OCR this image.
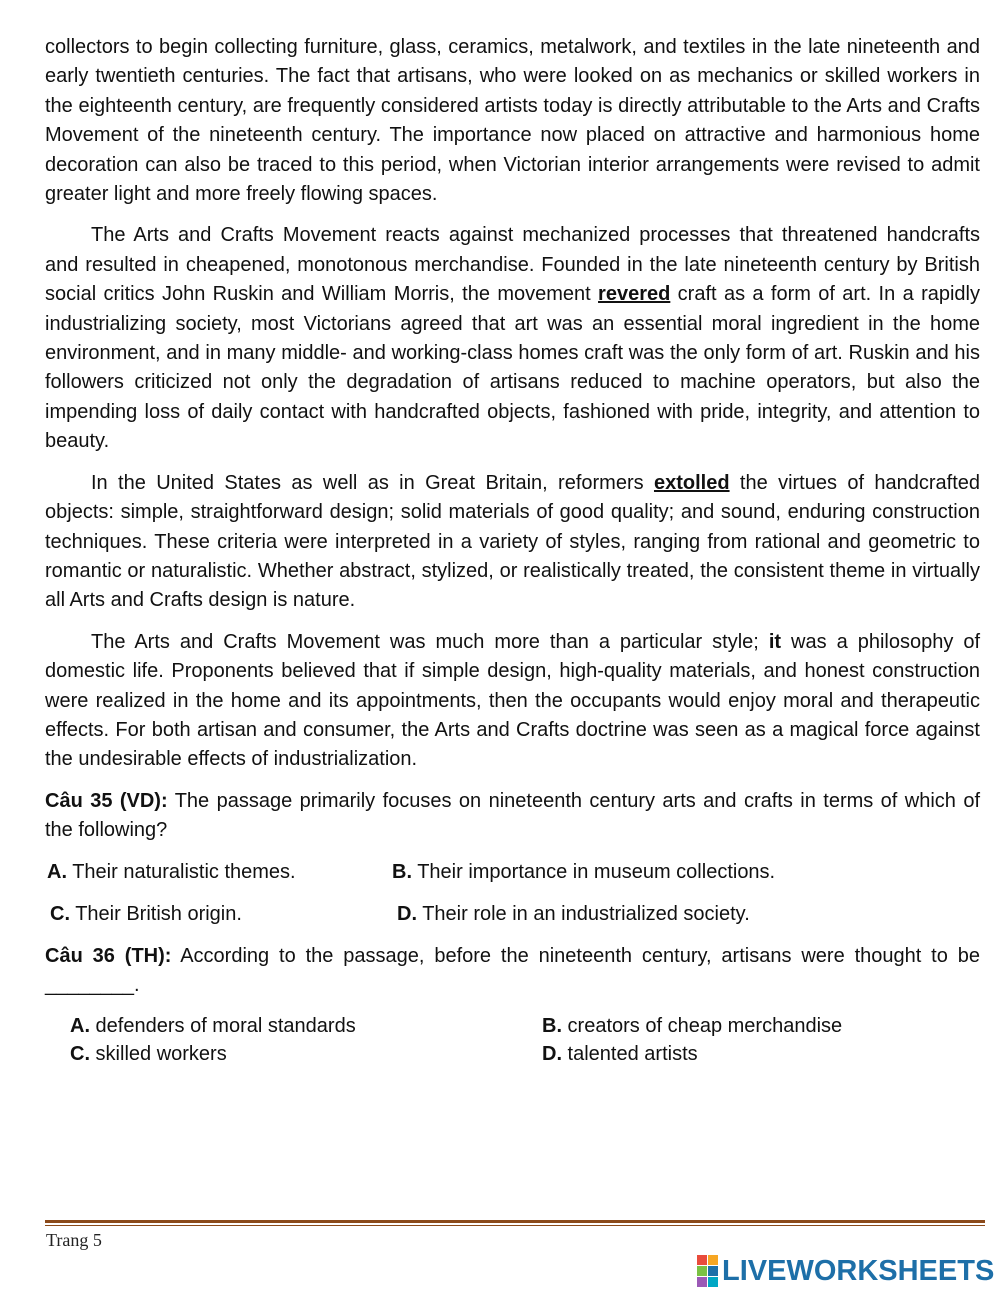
collectors to begin collecting furniture, glass, ceramics, metalwork, and textiles in the late nineteenth and early twentieth centuries. The fact that artisans, who were looked on as mechanics or skilled workers in the eighteenth century, are frequently considered artists today is directly attributable to the Arts and Crafts Movement of the nineteenth century. The importance now placed on attractive and harmonious home decoration can also be traced to this period, when Victorian interior arrangements were revised to admit greater light and more freely flowing spaces.

The Arts and Crafts Movement reacts against mechanized processes that threatened handcrafts and resulted in cheapened, monotonous merchandise. Founded in the late nineteenth century by British social critics John Ruskin and William Morris, the movement revered craft as a form of art. In a rapidly industrializing society, most Victorians agreed that art was an essential moral ingredient in the home environment, and in many middle- and working-class homes craft was the only form of art. Ruskin and his followers criticized not only the degradation of artisans reduced to machine operators, but also the impending loss of daily contact with handcrafted objects, fashioned with pride, integrity, and attention to beauty.

In the United States as well as in Great Britain, reformers extolled the virtues of handcrafted objects: simple, straightforward design; solid materials of good quality; and sound, enduring construction techniques. These criteria were interpreted in a variety of styles, ranging from rational and geometric to romantic or naturalistic. Whether abstract, stylized, or realistically treated, the consistent theme in virtually all Arts and Crafts design is nature.

The Arts and Crafts Movement was much more than a particular style; it was a philosophy of domestic life. Proponents believed that if simple design, high-quality materials, and honest construction were realized in the home and its appointments, then the occupants would enjoy moral and therapeutic effects. For both artisan and consumer, the Arts and Crafts doctrine was seen as a magical force against the undesirable effects of industrialization.

Câu 35 (VD): The passage primarily focuses on nineteenth century arts and crafts in terms of which of the following?

A. Their naturalistic themes.	B. Their importance in museum collections.
C. Their British origin.	D. Their role in an industrialized society.

Câu 36 (TH): According to the passage, before the nineteenth century, artisans were thought to be ________.

A. defenders of moral standards	B. creators of cheap merchandise
C. skilled workers	D. talented artists
Trang 5
LIVEWORKSHEETS
